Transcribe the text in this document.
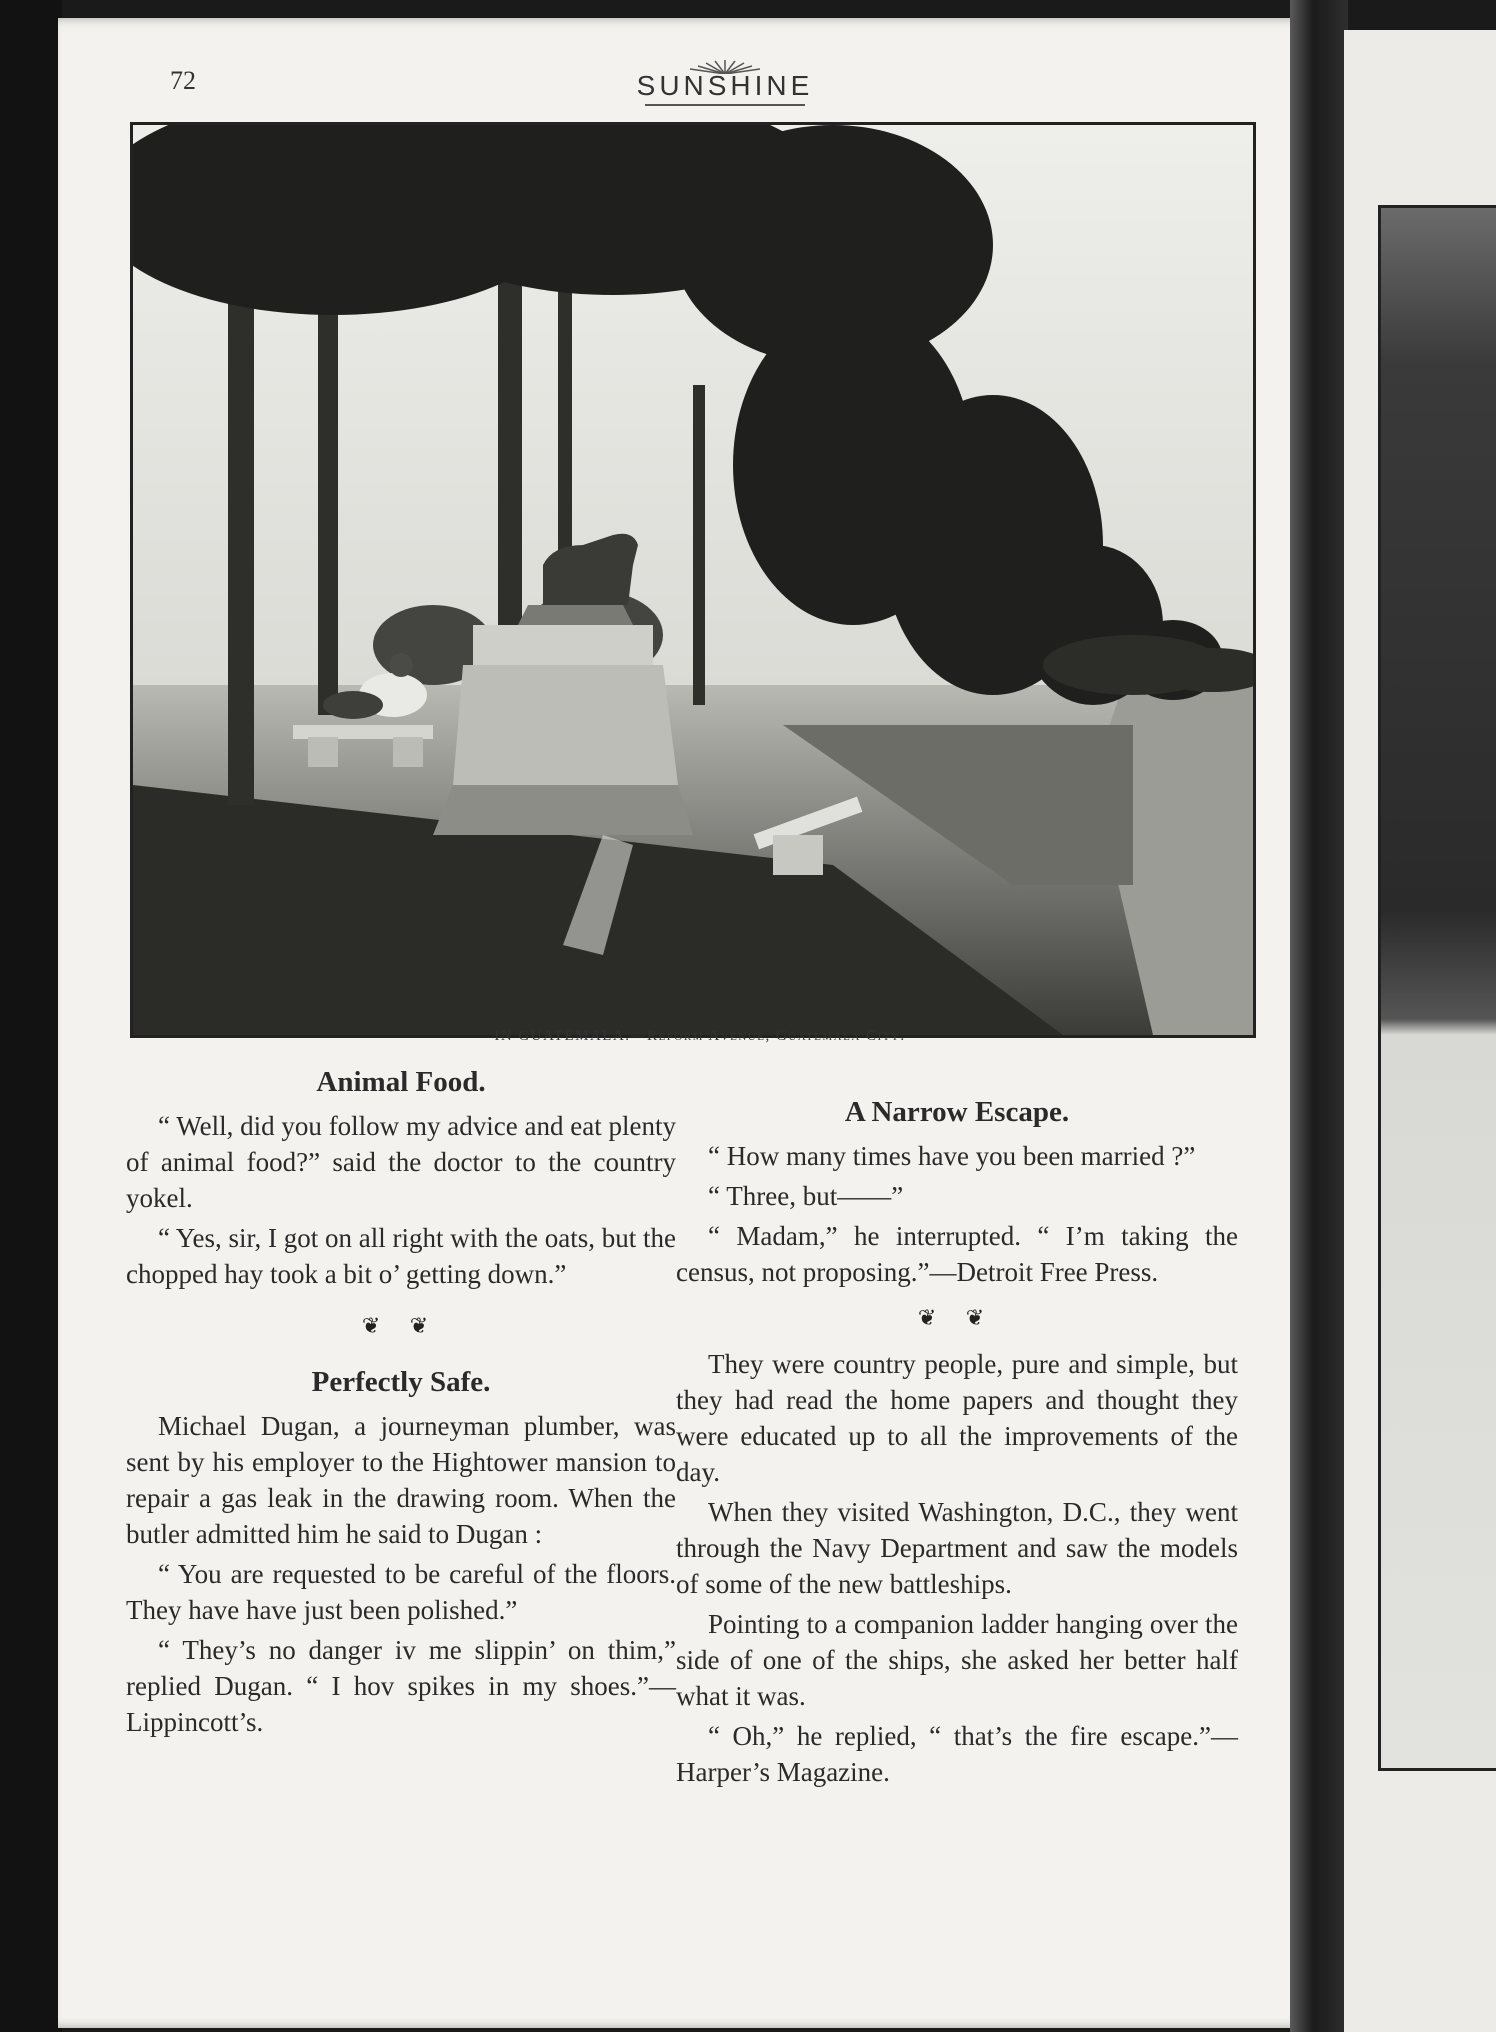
72	SUNSHINE
IN GUATEMALA.—Reform Avenue, Guatemala City.
Animal Food.

“ Well, did you follow my advice and eat plenty of animal food?” said the doctor to the country yokel.

“ Yes, sir, I got on all right with the oats, but the chopped hay took a bit o’ getting down.”

❦ ❦
Perfectly Safe.

Michael Dugan, a journeyman plumber, was sent by his employer to the Hightower mansion to repair a gas leak in the drawing room. When the butler admitted him he said to Dugan :

“ You are requested to be careful of the floors. They have have just been polished.”

“ They’s no danger iv me slippin’ on thim,” replied Dugan. “ I hov spikes in my shoes.”—Lippincott’s.

A Narrow Escape.

“ How many times have you been married ?”

“ Three, but——”

“ Madam,” he interrupted. “ I’m taking the census, not proposing.”—Detroit Free Press.

❦ ❦

They were country people, pure and simple, but they had read the home papers and thought they were educated up to all the improvements of the day.

When they visited Washington, D.C., they went through the Navy Department and saw the models of some of the new battleships.

Pointing to a companion ladder hanging over the side of one of the ships, she asked her better half what it was.

“ Oh,” he replied, “ that’s the fire escape.”—Harper’s Magazine.
